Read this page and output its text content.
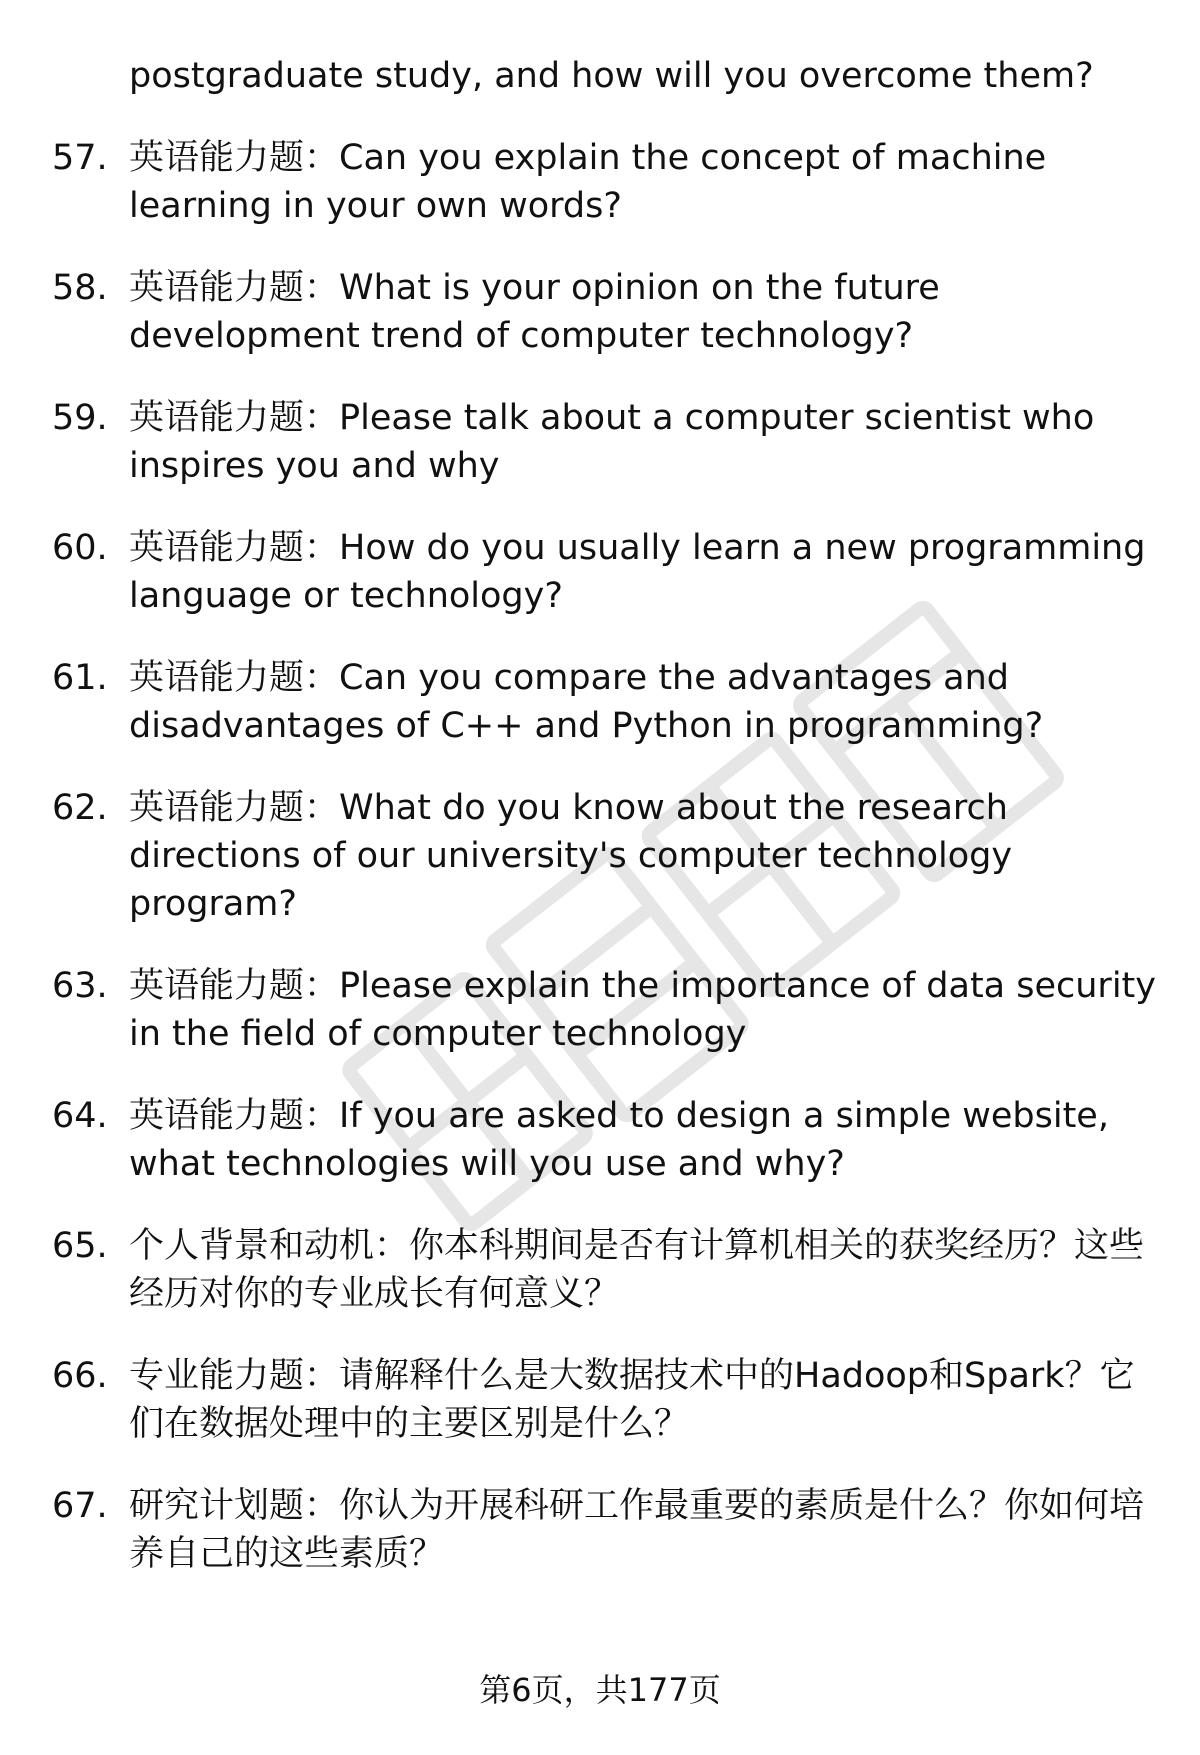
postgraduate study, and how will you overcome them?
57. 英语能力题：Can you explain the concept of machine learning in your own words?
58. 英语能力题：What is your opinion on the future development trend of computer technology?
59. 英语能力题：Please talk about a computer scientist who inspires you and why
60. 英语能力题：How do you usually learn a new programming language or technology?
61. 英语能力题：Can you compare the advantages and disadvantages of C++ and Python in programming?
62. 英语能力题：What do you know about the research directions of our university's computer technology program?
63. 英语能力题：Please explain the importance of data security in the field of computer technology
64. 英语能力题：If you are asked to design a simple website, what technologies will you use and why?
65. 个人背景和动机：你本科期间是否有计算机相关的获奖经历？这些经历对你的专业成长有何意义？
66. 专业能力题：请解释什么是大数据技术中的Hadoop和Spark？它们在数据处理中的主要区别是什么？
67. 研究计划题：你认为开展科研工作最重要的素质是什么？你如何培养自己的这些素质？
第6页，共177页
